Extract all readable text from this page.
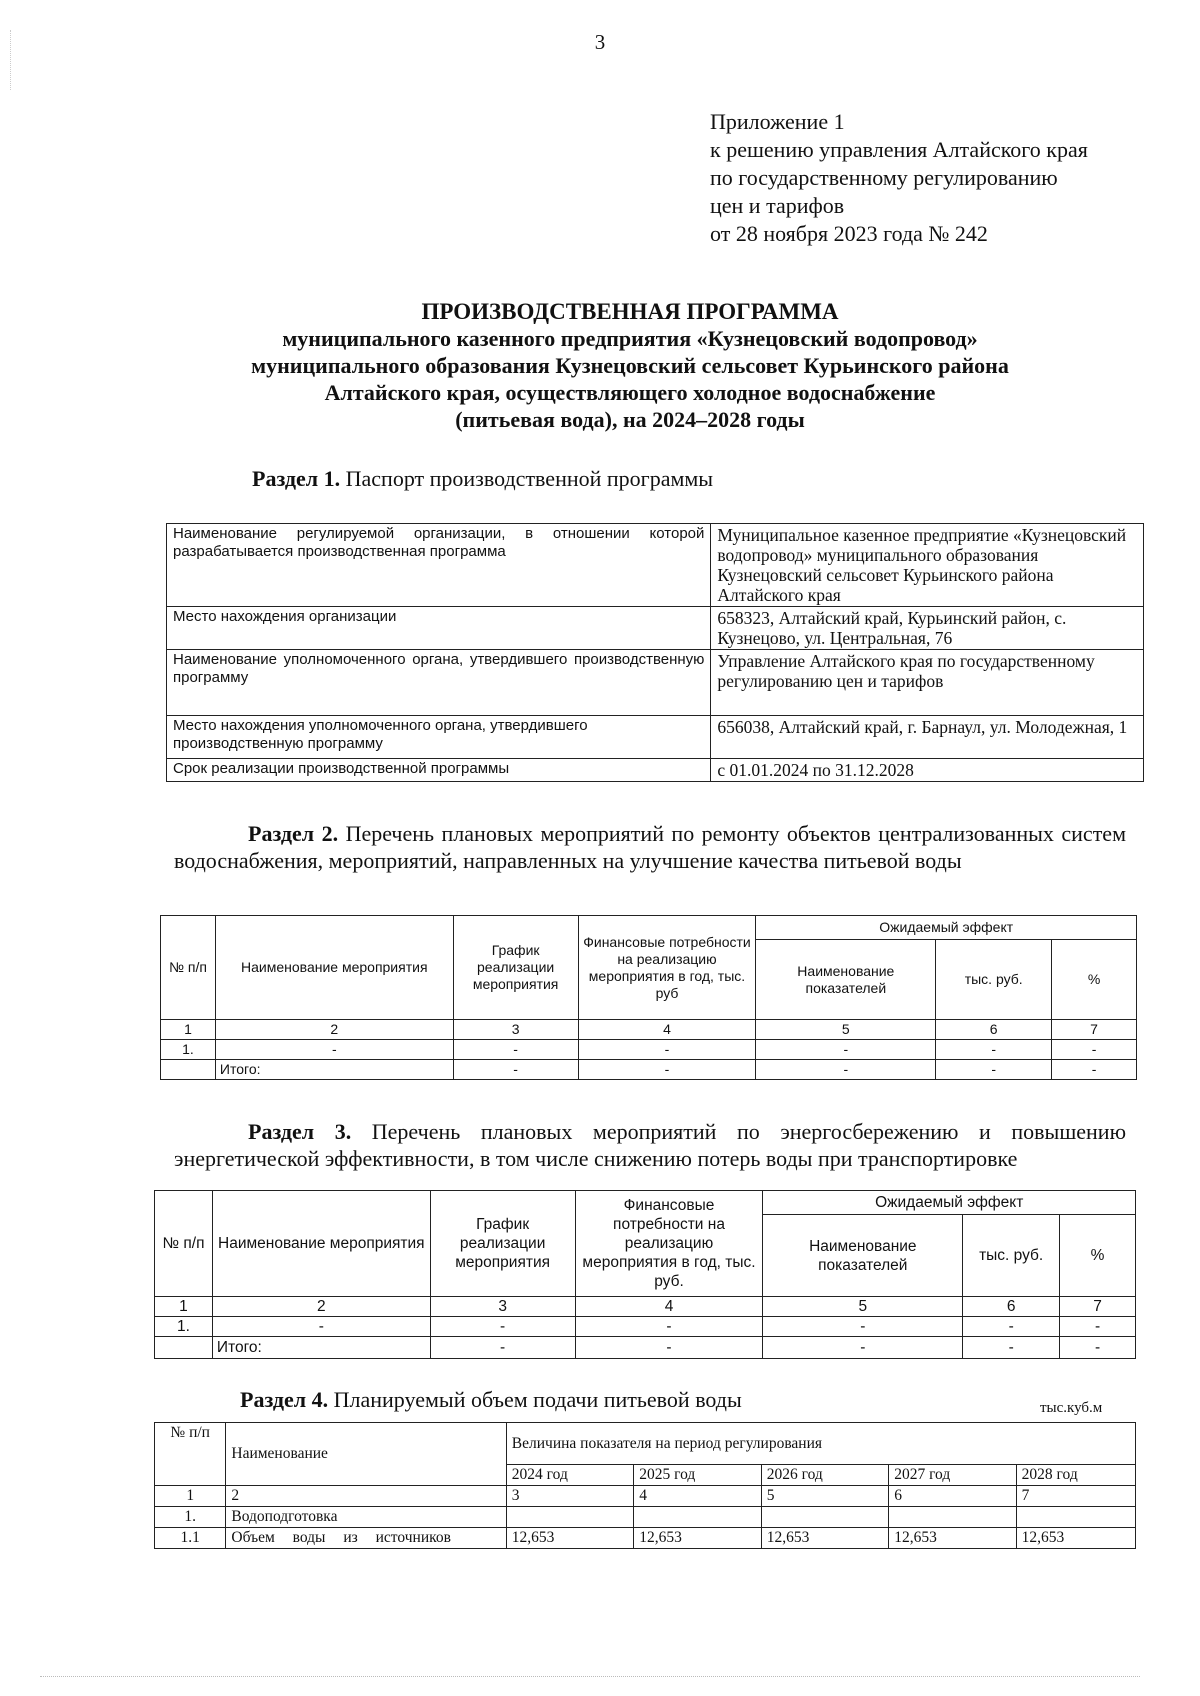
3
Приложение 1
к решению управления Алтайского края
по государственному регулированию
цен и тарифов
от 28 ноября 2023 года № 242
ПРОИЗВОДСТВЕННАЯ ПРОГРАММА
муниципального казенного предприятия «Кузнецовский водопровод»
муниципального образования Кузнецовский сельсовет Курьинского района
Алтайского края, осуществляющего холодное водоснабжение
(питьевая вода), на 2024–2028 годы
Раздел 1. Паспорт производственной программы
Наименование регулируемой организации, в отношении которой разрабатывается производственная программа	Муниципальное казенное предприятие «Кузнецовский водопровод» муниципального образования Кузнецовский сельсовет Курьинского района Алтайского края
Место нахождения организации	658323, Алтайский край, Курьинский район, с. Кузнецово, ул. Центральная, 76
Наименование уполномоченного органа, утвердившего производственную программу	Управление Алтайского края по государственному регулированию цен и тарифов
Место нахождения уполномоченного органа, утвердившего производственную программу	656038, Алтайский край, г. Барнаул, ул. Молодежная, 1
Срок реализации производственной программы	с 01.01.2024 по 31.12.2028
Раздел 2. Перечень плановых мероприятий по ремонту объектов централизованных систем водоснабжения, мероприятий, направленных на улучшение качества питьевой воды
№ п/п	Наименование мероприятия	График реализации мероприятия	Финансовые потребности на реализацию мероприятия в год, тыс. руб	Ожидаемый эффект		
				Наименование показателей	тыс. руб.	%
1	2	3	4	5	6	7
1.	-	-	-	-	-	-
	Итого:	-	-	-	-	-
Раздел 3. Перечень плановых мероприятий по энергосбережению и повышению энергетической эффективности, в том числе снижению потерь воды при транспортировке
№ п/п	Наименование мероприятия	График реализации мероприятия	Финансовые потребности на реализацию мероприятия в год, тыс. руб.	Ожидаемый эффект		
				Наименование показателей	тыс. руб.	%
1	2	3	4	5	6	7
1.	-	-	-	-	-	-
	Итого:	-	-	-	-	-
Раздел 4. Планируемый объем подачи питьевой воды	тыс.куб.м
№ п/п	Наименование	Величина показателя на период регулирования				
		2024 год	2025 год	2026 год	2027 год	2028 год
1	2	3	4	5	6	7
1.	Водоподготовка					
1.1	Объем воды из источников	12,653	12,653	12,653	12,653	12,653
